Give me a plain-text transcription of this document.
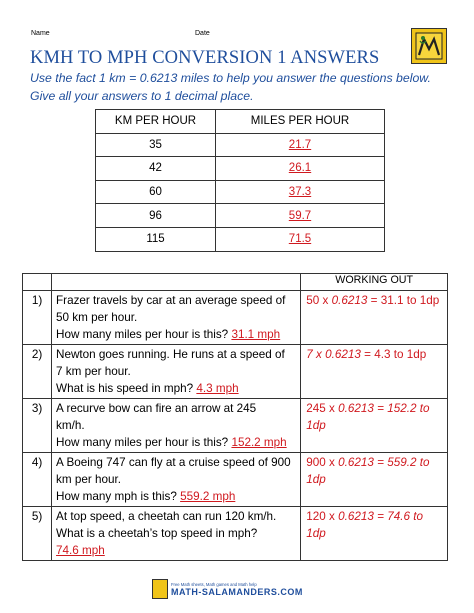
Name	Date
KMH TO MPH CONVERSION 1 ANSWERS
Use the fact 1 km = 0.6213 miles to help you answer the questions below.
Give all your answers to 1 decimal place.
KM PER HOUR	MILES PER HOUR
35	21.7
42	26.1
60	37.3
96	59.7
115	71.5
		WORKING OUT
1)	Frazer travels by car at an average speed of
50 km per hour.
How many miles per hour is this? 31.1 mph	50 x 0.6213 = 31.1 to 1dp
2)	Newton goes running. He runs at a speed of
7 km per hour.
What is his speed in mph? 4.3 mph	7 x 0.6213 = 4.3 to 1dp
3)	A recurve bow can fire an arrow at 245
km/h.
How many miles per hour is this? 152.2 mph	245 x 0.6213 = 152.2 to 1dp
4)	A Boeing 747 can fly at a cruise speed of 900
km per hour.
How many mph is this? 559.2 mph	900 x 0.6213 = 559.2 to 1dp
5)	At top speed, a cheetah can run 120 km/h.
What is a cheetah’s top speed in mph?
74.6 mph	120 x 0.6213 = 74.6 to 1dp
Free Math sheets, Math games and Math help
MATH-SALAMANDERS.COM
